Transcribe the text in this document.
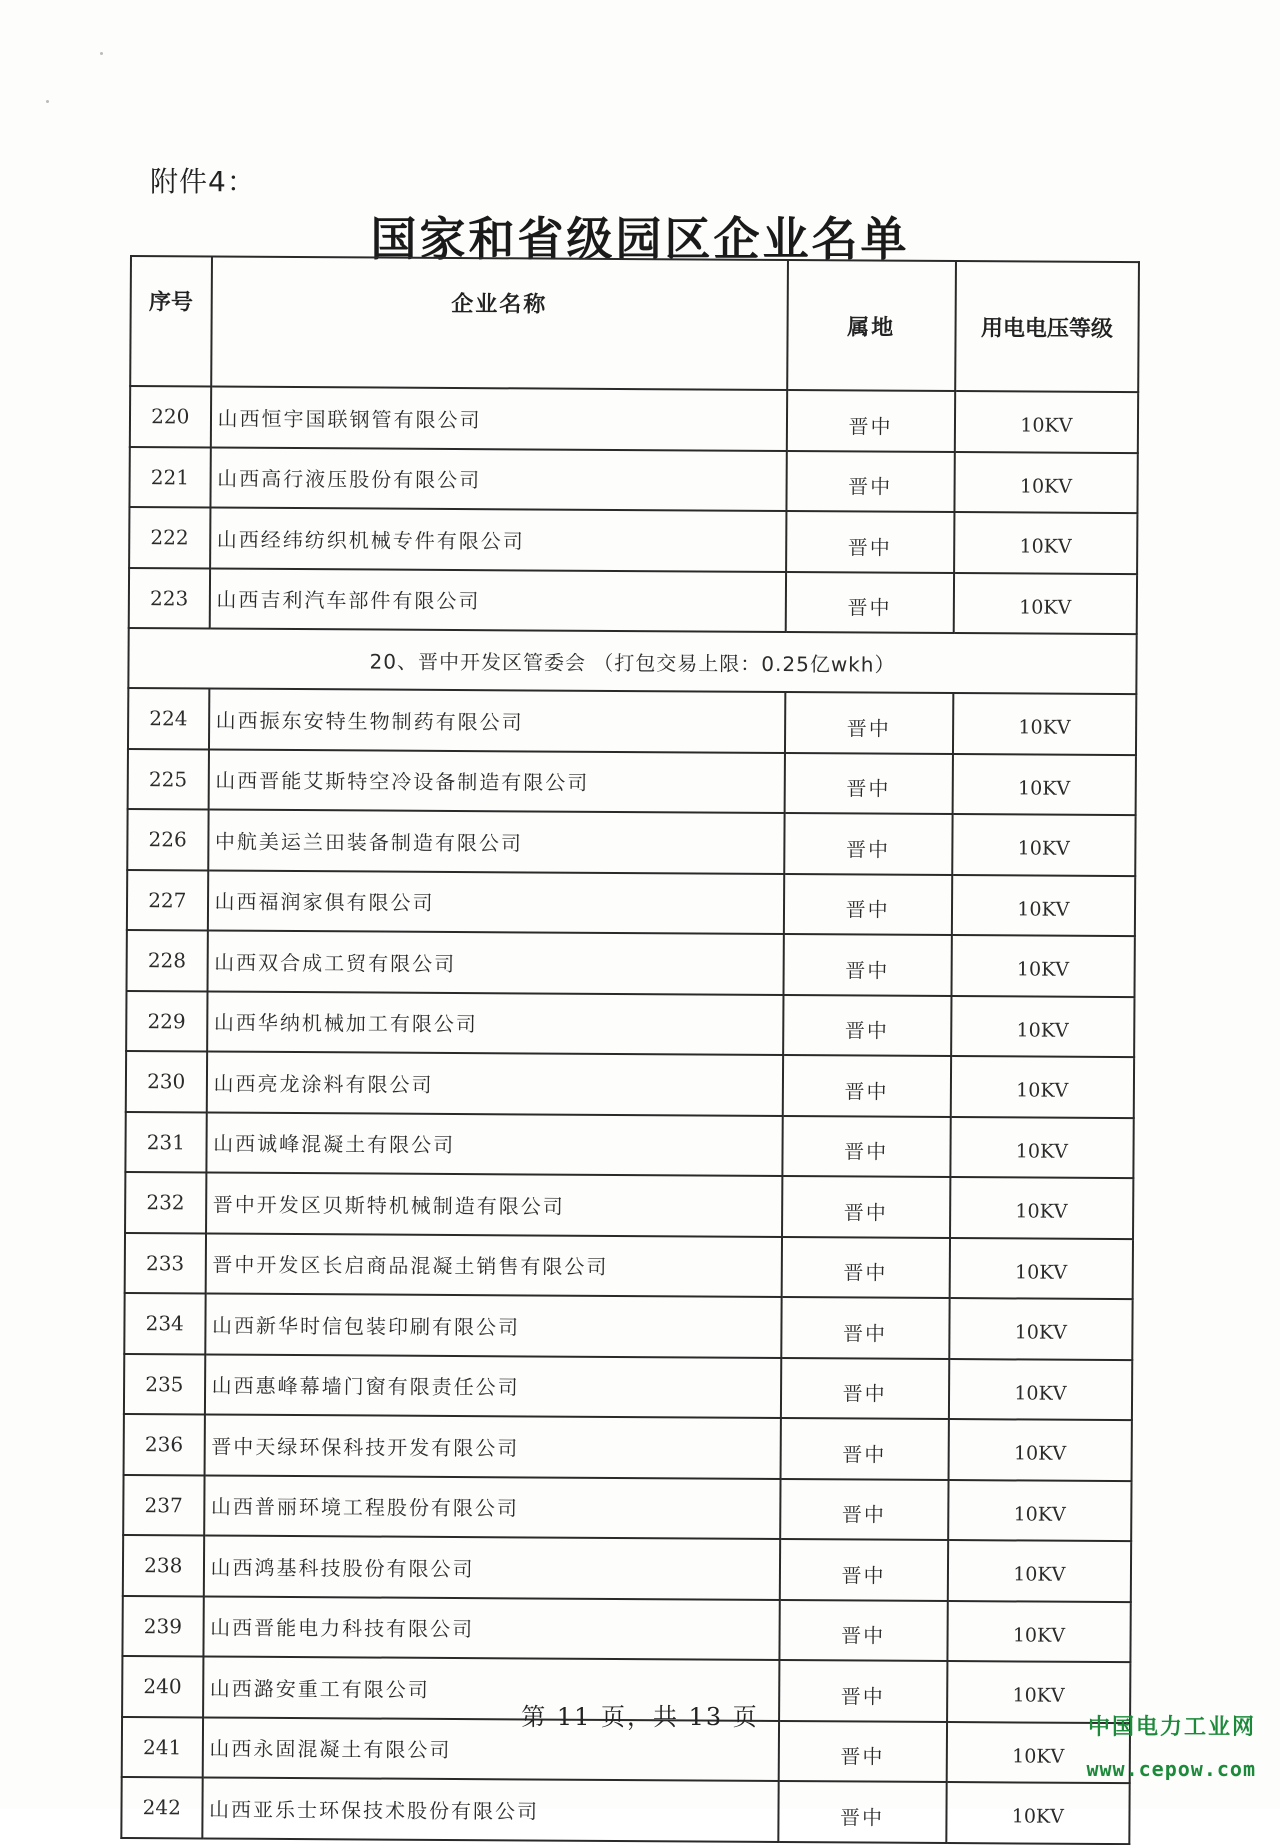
附件4：
国家和省级园区企业名单
序号	企业名称	属地	用电电压等级
220	山西恒宇国联钢管有限公司	晋中	10KV
221	山西高行液压股份有限公司	晋中	10KV
222	山西经纬纺织机械专件有限公司	晋中	10KV
223	山西吉利汽车部件有限公司	晋中	10KV
20、晋中开发区管委会 （打包交易上限：0.25亿wkh）			
224	山西振东安特生物制药有限公司	晋中	10KV
225	山西晋能艾斯特空冷设备制造有限公司	晋中	10KV
226	中航美运兰田装备制造有限公司	晋中	10KV
227	山西福润家俱有限公司	晋中	10KV
228	山西双合成工贸有限公司	晋中	10KV
229	山西华纳机械加工有限公司	晋中	10KV
230	山西亮龙涂料有限公司	晋中	10KV
231	山西诚峰混凝土有限公司	晋中	10KV
232	晋中开发区贝斯特机械制造有限公司	晋中	10KV
233	晋中开发区长启商品混凝土销售有限公司	晋中	10KV
234	山西新华时信包装印刷有限公司	晋中	10KV
235	山西惠峰幕墙门窗有限责任公司	晋中	10KV
236	晋中天绿环保科技开发有限公司	晋中	10KV
237	山西普丽环境工程股份有限公司	晋中	10KV
238	山西鸿基科技股份有限公司	晋中	10KV
239	山西晋能电力科技有限公司	晋中	10KV
240	山西潞安重工有限公司	晋中	10KV
241	山西永固混凝土有限公司	晋中	10KV
242	山西亚乐士环保技术股份有限公司	晋中	10KV
第 11 页，共 13 页	中国电力工业网
www.cepow.com
